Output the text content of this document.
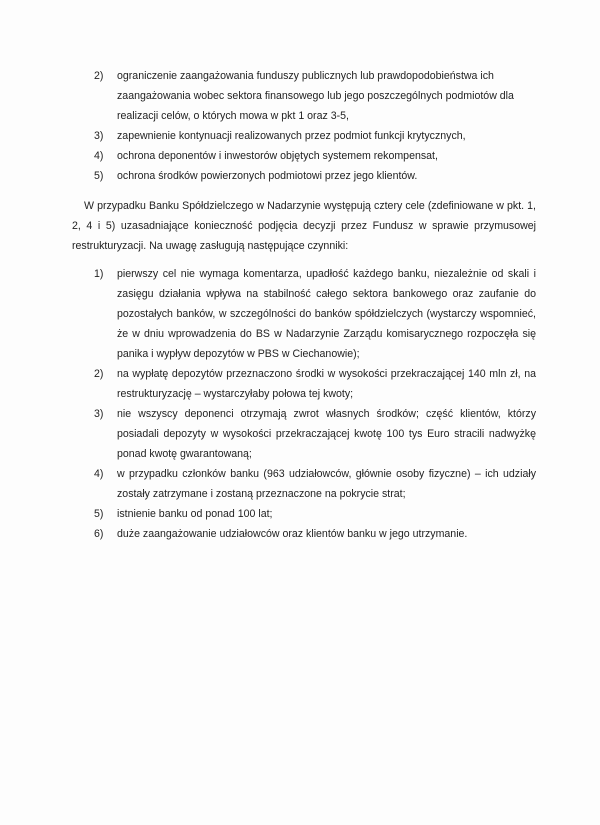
2)	ograniczenie zaangażowania funduszy publicznych lub prawdopodobieństwa ich zaangażowania wobec sektora finansowego lub jego poszczególnych podmiotów dla realizacji celów, o których mowa w pkt 1 oraz 3-5,
3)	zapewnienie kontynuacji realizowanych przez podmiot funkcji krytycznych,
4)	ochrona deponentów i inwestorów objętych systemem rekompensat,
5)	ochrona środków powierzonych podmiotowi przez jego klientów.

W przypadku Banku Spółdzielczego w Nadarzynie występują cztery cele (zdefiniowane w pkt. 1, 2, 4 i 5) uzasadniające konieczność podjęcia decyzji przez Fundusz w sprawie przymusowej restrukturyzacji. Na uwagę zasługują następujące czynniki:

1)	pierwszy cel nie wymaga komentarza, upadłość każdego banku, niezależnie od skali i zasięgu działania wpływa na stabilność całego sektora bankowego oraz zaufanie do pozostałych banków, w szczególności do banków spółdzielczych (wystarczy wspomnieć, że w dniu wprowadzenia do BS w Nadarzynie Zarządu komisarycznego rozpoczęła się panika i wypływ depozytów w PBS w Ciechanowie);
2)	na wypłatę depozytów przeznaczono środki w wysokości przekraczającej 140 mln zł, na restrukturyzację – wystarczyłaby połowa tej kwoty;
3)	nie wszyscy deponenci otrzymają zwrot własnych środków; część klientów, którzy posiadali depozyty w wysokości przekraczającej kwotę 100 tys Euro stracili nadwyżkę ponad kwotę gwarantowaną;
4)	w przypadku członków banku (963 udziałowców, głównie osoby fizyczne) – ich udziały zostały zatrzymane i zostaną przeznaczone na pokrycie strat;
5)	istnienie banku od ponad 100 lat;
6)	duże zaangażowanie udziałowców oraz klientów banku w jego utrzymanie.
